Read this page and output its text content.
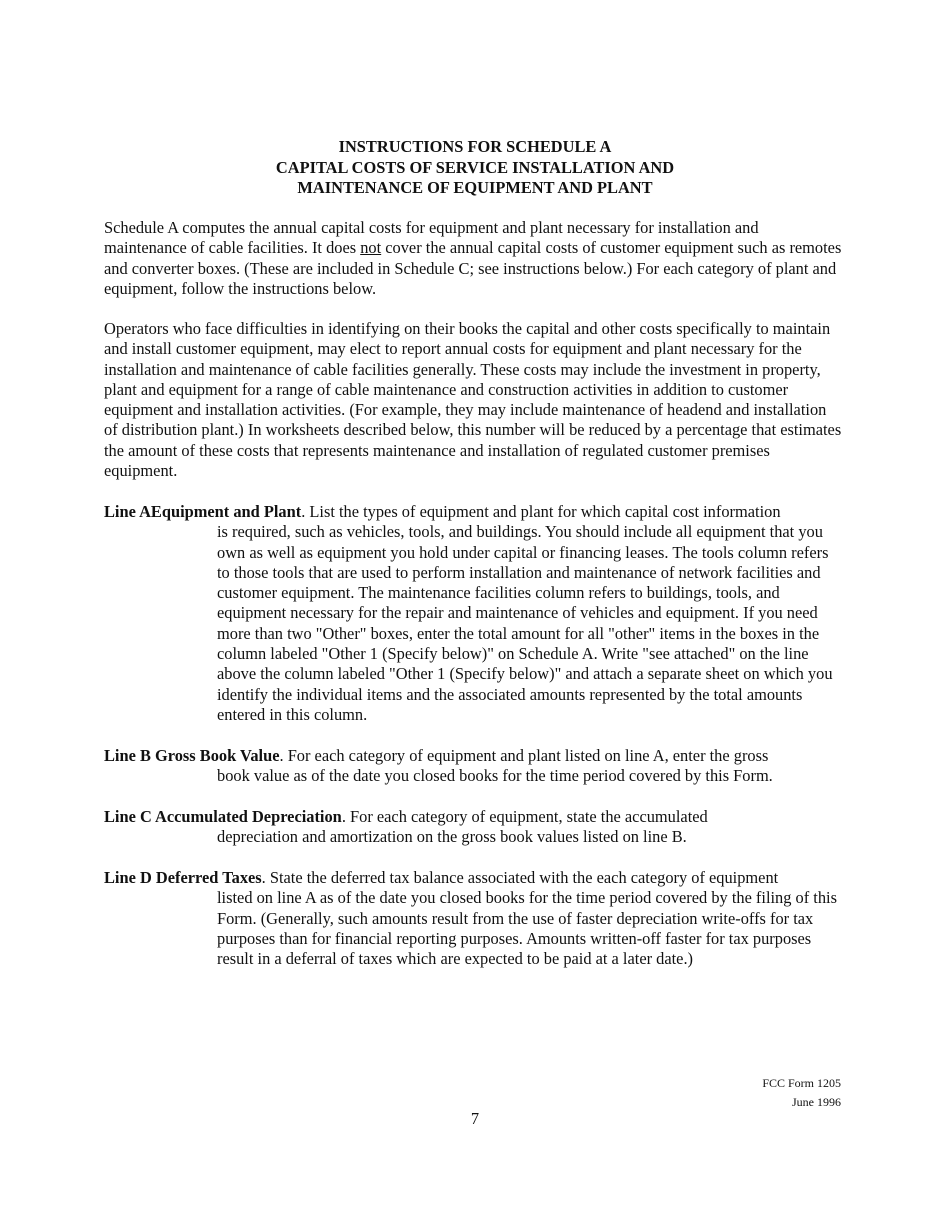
INSTRUCTIONS FOR SCHEDULE A
CAPITAL COSTS OF SERVICE INSTALLATION AND
MAINTENANCE OF EQUIPMENT AND PLANT

Schedule A computes the annual capital costs for equipment and plant necessary for installation and maintenance of cable facilities. It does not cover the annual capital costs of customer equipment such as remotes and converter boxes. (These are included in Schedule C; see instructions below.) For each category of plant and equipment, follow the instructions below.

Operators who face difficulties in identifying on their books the capital and other costs specifically to maintain and install customer equipment, may elect to report annual costs for equipment and plant necessary for the installation and maintenance of cable facilities generally. These costs may include the investment in property, plant and equipment for a range of cable maintenance and construction activities in addition to customer equipment and installation activities. (For example, they may include maintenance of headend and installation of distribution plant.) In worksheets described below, this number will be reduced by a percentage that estimates the amount of these costs that represents maintenance and installation of regulated customer premises equipment.

Line AEquipment and Plant. List the types of equipment and plant for which capital cost information
is required, such as vehicles, tools, and buildings. You should include all equipment that you own as well as equipment you hold under capital or financing leases. The tools column refers to those tools that are used to perform installation and maintenance of network facilities and customer equipment. The maintenance facilities column refers to buildings, tools, and equipment necessary for the repair and maintenance of vehicles and equipment. If you need more than two "Other" boxes, enter the total amount for all "other" items in the boxes in the column labeled "Other 1 (Specify below)" on Schedule A. Write "see attached" on the line above the column labeled "Other 1 (Specify below)" and attach a separate sheet on which you identify the individual items and the associated amounts represented by the total amounts entered in this column.
Line B Gross Book Value. For each category of equipment and plant listed on line A, enter the gross
book value as of the date you closed books for the time period covered by this Form.
Line C Accumulated Depreciation. For each category of equipment, state the accumulated
depreciation and amortization on the gross book values listed on line B.
Line D Deferred Taxes. State the deferred tax balance associated with the each category of equipment
listed on line A as of the date you closed books for the time period covered by the filing of this Form. (Generally, such amounts result from the use of faster depreciation write-offs for tax purposes than for financial reporting purposes. Amounts written-off faster for tax purposes result in a deferral of taxes which are expected to be paid at a later date.)
FCC Form 1205
June 1996
7
